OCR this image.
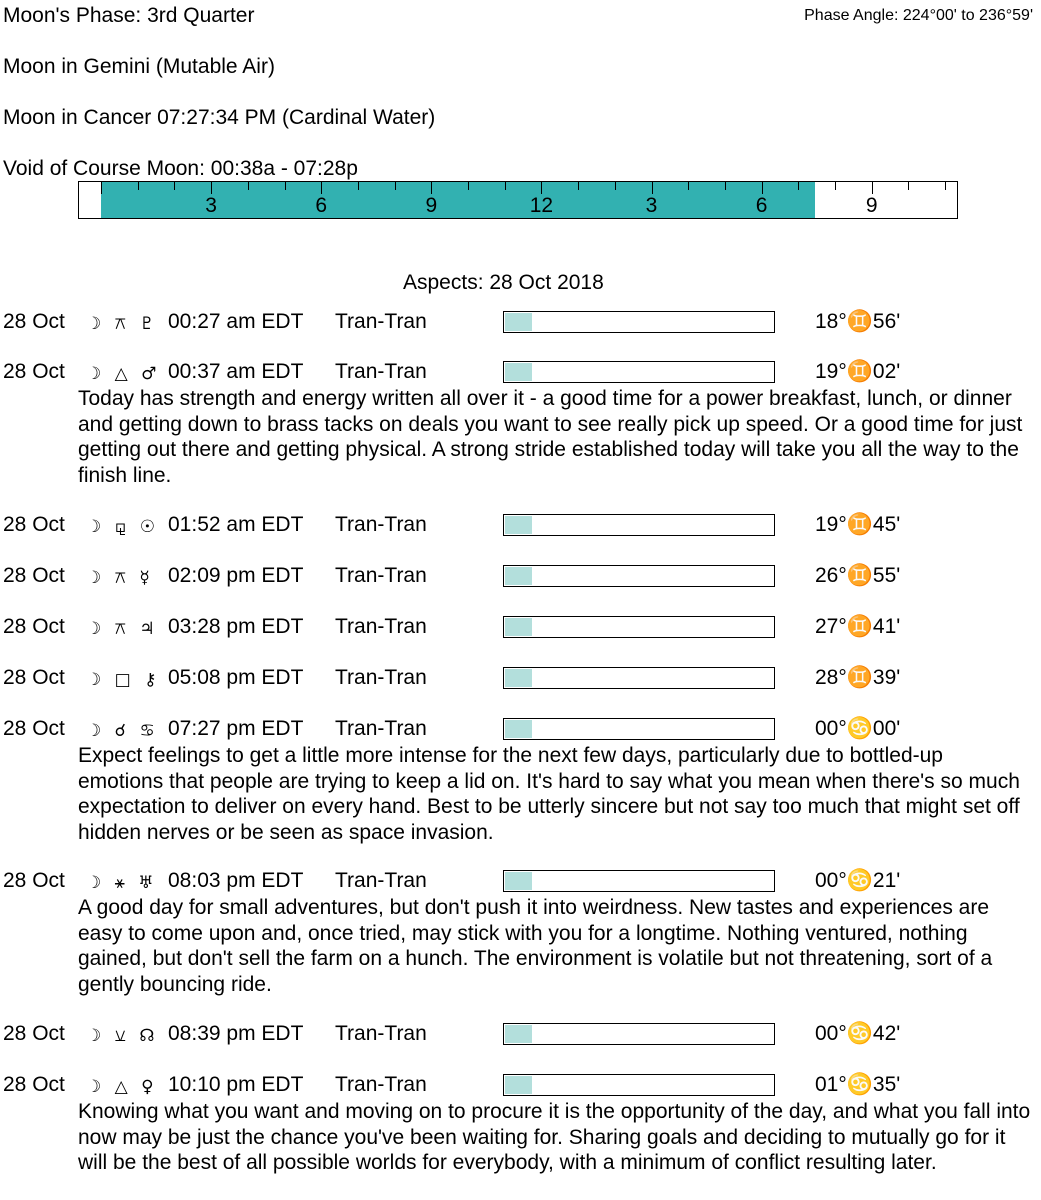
Moon's Phase: 3rd Quarter	Phase Angle: 224°00' to 236°59'
Moon in Gemini (Mutable Air)
Moon in Cancer 07:27:34 PM (Cardinal Water)
Void of Course Moon: 00:38a - 07:28p
3	6	9	12	3	6	9
Aspects: 28 Oct 2018
28 Oct ☽ ⚻ ♇ 00:27 am EDT Tran-Tran	18°♊56'
28 Oct ☽ △ ♂ 00:37 am EDT Tran-Tran	19°♊02'
Today has strength and energy written all over it - a good time for a power breakfast, lunch, or dinner and getting down to brass tacks on deals you want to see really pick up speed. Or a good time for just getting out there and getting physical. A strong stride established today will take you all the way to the finish line.
28 Oct ☽ ⚼ ☉ 01:52 am EDT Tran-Tran	19°♊45'
28 Oct ☽ ⚻ ☿ 02:09 pm EDT Tran-Tran	26°♊55'
28 Oct ☽ ⚻ ♃ 03:28 pm EDT Tran-Tran	27°♊41'
28 Oct ☽ □ ⚷ 05:08 pm EDT Tran-Tran	28°♊39'
28 Oct ☽ ☌ ♋ 07:27 pm EDT Tran-Tran	00°♋00'
Expect feelings to get a little more intense for the next few days, particularly due to bottled-up emotions that people are trying to keep a lid on. It's hard to say what you mean when there's so much expectation to deliver on every hand. Best to be utterly sincere but not say too much that might set off hidden nerves or be seen as space invasion.
28 Oct ☽ ⚹ ♅ 08:03 pm EDT Tran-Tran	00°♋21'
A good day for small adventures, but don't push it into weirdness. New tastes and experiences are easy to come upon and, once tried, may stick with you for a longtime. Nothing ventured, nothing gained, but don't sell the farm on a hunch. The environment is volatile but not threatening, sort of a gently bouncing ride.
28 Oct ☽ ⚺ ☊ 08:39 pm EDT Tran-Tran	00°♋42'
28 Oct ☽ △ ♀ 10:10 pm EDT Tran-Tran	01°♋35'
Knowing what you want and moving on to procure it is the opportunity of the day, and what you fall into now may be just the chance you've been waiting for. Sharing goals and deciding to mutually go for it will be the best of all possible worlds for everybody, with a minimum of conflict resulting later.
